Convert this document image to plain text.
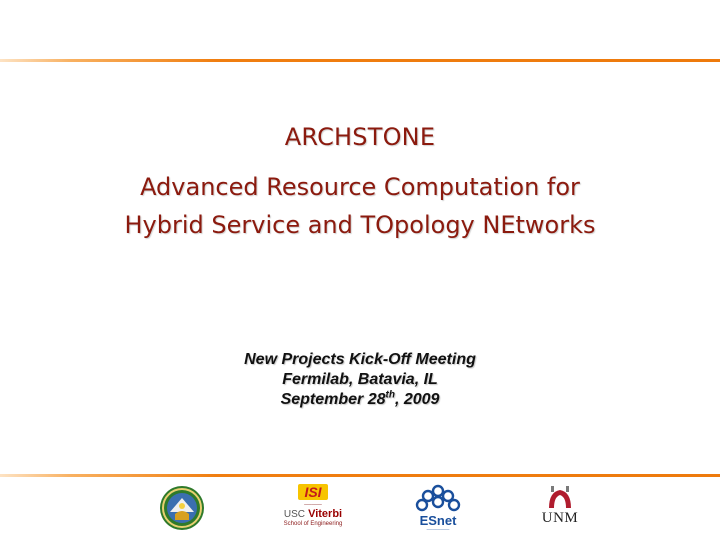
ARCHSTONE
Advanced Resource Computation for
Hybrid Service and TOpology NEtworks
New Projects Kick-Off Meeting
Fermilab, Batavia, IL
September 28th, 2009
ISI
─────
USC Viterbi
School of Engineering	ESnet
────────
UNM
